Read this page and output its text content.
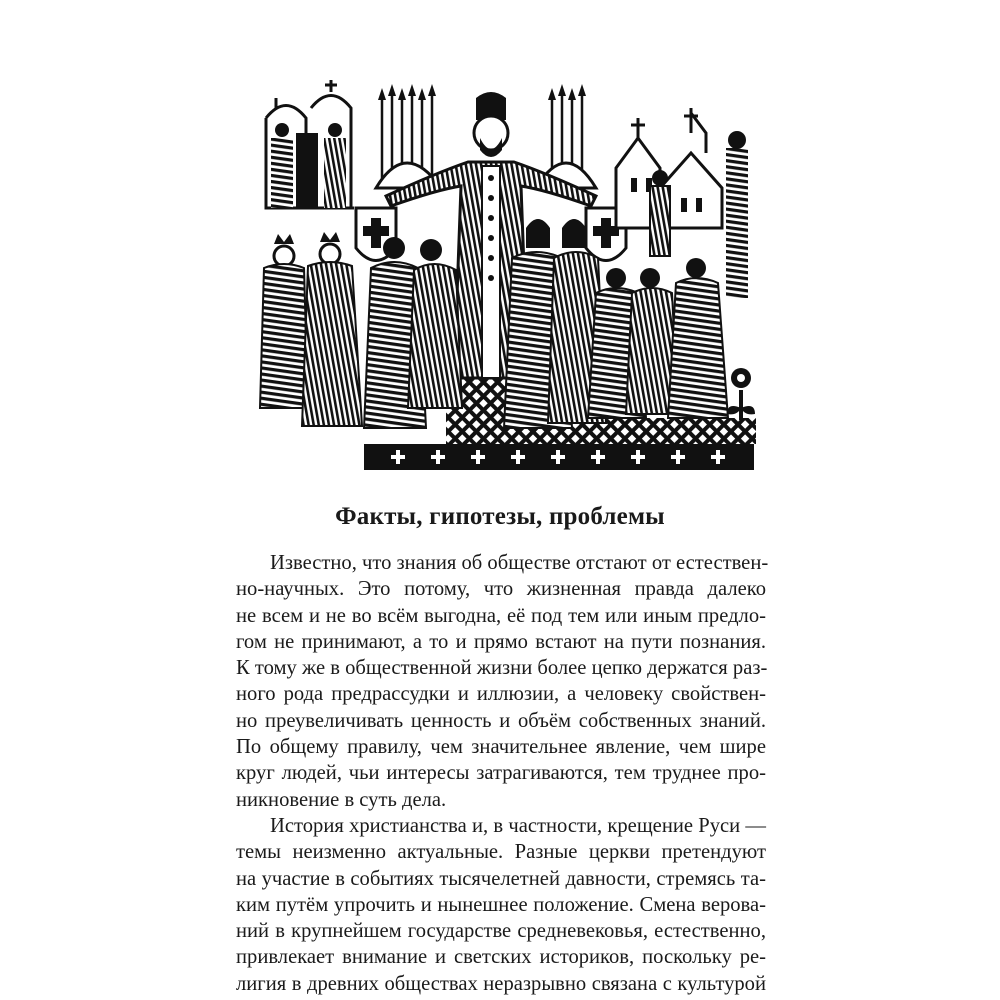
Факты, гипотезы, проблемы
Известно, что знания об обществе отстают от естествен-
но-научных. Это потому, что жизненная правда далеко
не всем и не во всём выгодна, её под тем или иным предло-
гом не принимают, а то и прямо встают на пути познания.
К тому же в общественной жизни более цепко держатся раз-
ного рода предрассудки и иллюзии, а человеку свойствен-
но преувеличивать ценность и объём собственных знаний.
По общему правилу, чем значительнее явление, чем шире
круг людей, чьи интересы затрагиваются, тем труднее про-
никновение в суть дела.
История христианства и, в частности, крещение Руси —
темы неизменно актуальные. Разные церкви претендуют
на участие в событиях тысячелетней давности, стремясь та-
ким путём упрочить и нынешнее положение. Смена верова-
ний в крупнейшем государстве средневековья, естественно,
привлекает внимание и светских историков, поскольку ре-
лигия в древних обществах неразрывно связана с культурой
